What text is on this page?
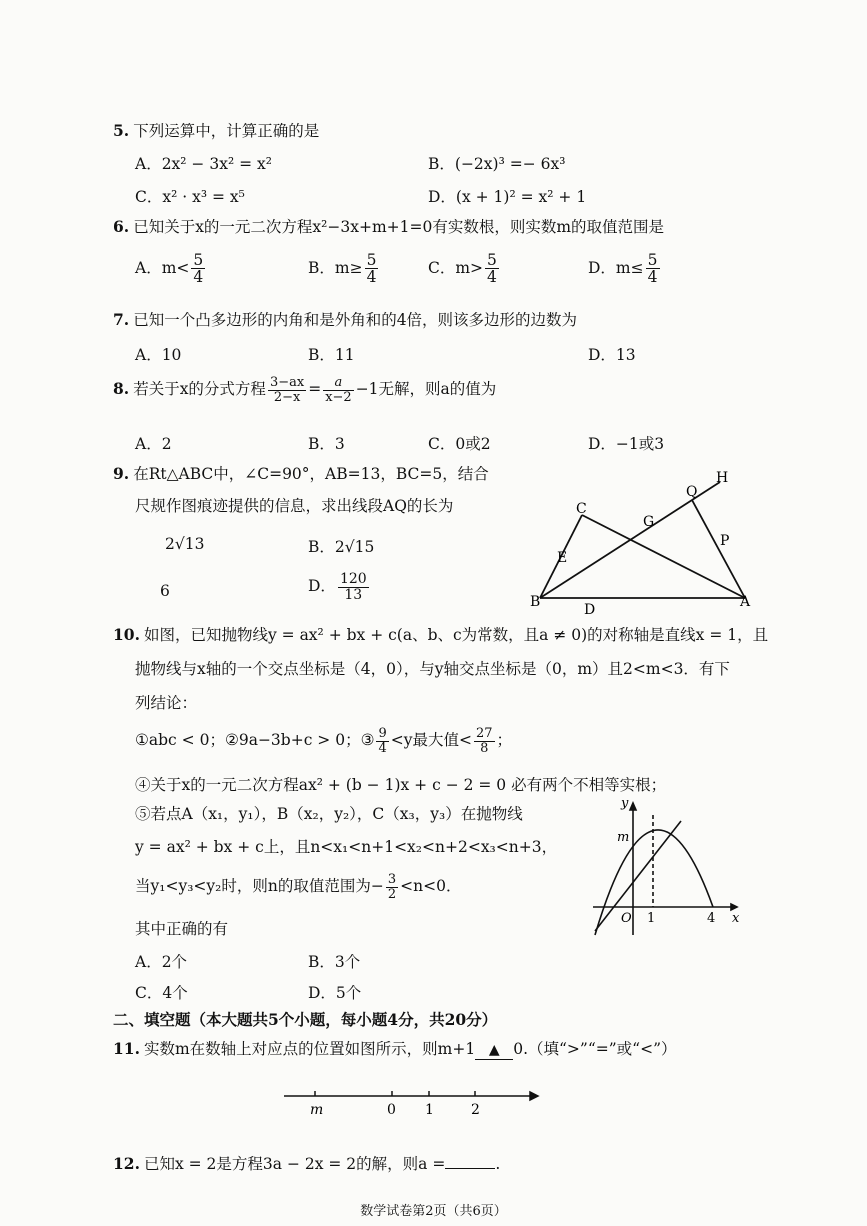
5. 下列运算中，计算正确的是
A．2x² − 3x² = x²	B．(−2x)³ =− 6x³
C．x² · x³ = x⁵	D．(x + 1)² = x² + 1
6. 已知关于x的一元二次方程x²−3x+m+1=0有实数根，则实数m的取值范围是
A．$m< \frac{5}{4}$	B．$m\ge \frac{5}{4}$	C．$m> \frac{5}{4}$	D．$m\le \frac{5}{4}$
7. 已知一个凸多边形的内角和是外角和的4倍，则该多边形的边数为
A．10	B．11	D．13
8. 若关于x的分式方程 $\frac{3-ax}{2-x} = \frac{a}{x-2} -1$无解，则a的值为
A．2	B．3	C．0或2	D．−1或3
9. 在Rt△ABC中，∠C=90°，AB=13，BC=5，结合
尺规作图痕迹提供的信息，求出线段AQ的长为
2√13	B．2√15
6	D． $\frac{120}{13}$
H
Q
C
G
P
E
B	D	A
10. 如图，已知抛物线y = ax² + bx + c(a、b、c为常数，且a ≠ 0)的对称轴是直线x = 1，且
抛物线与x轴的一个交点坐标是（4，0），与y轴交点坐标是（0，m）且2<m<3．有下
列结论：
①abc < 0；②9a−3b+c > 0；③ $\frac{9}{4} <y$最大值< $\frac{27}{8}$ ；
④关于x的一元二次方程ax² + (b − 1)x + c − 2 = 0 必有两个不相等实根；
⑤若点A（x₁，y₁），B（x₂，y₂），C（x₃，y₃）在抛物线
y = ax² + bx + c上，且n<x₁<n+1<x₂<n+2<x₃<n+3，
当y₁<y₃<y₂时，则n的取值范围为− $\frac{3}{2} <n<0$．
其中正确的有
A．2个	B．3个
C．4个	D．5个
y
m
O 1	4 x
二、填空题（本大题共5个小题，每小题4分，共20分）
11. 实数m在数轴上对应点的位置如图所示，则m+1 ▲ 0.（填“>”“=”或“<”）
m	0 1	2
12. 已知x = 2是方程3a − 2x = 2的解，则a =	.
数学试卷第2页（共6页）
